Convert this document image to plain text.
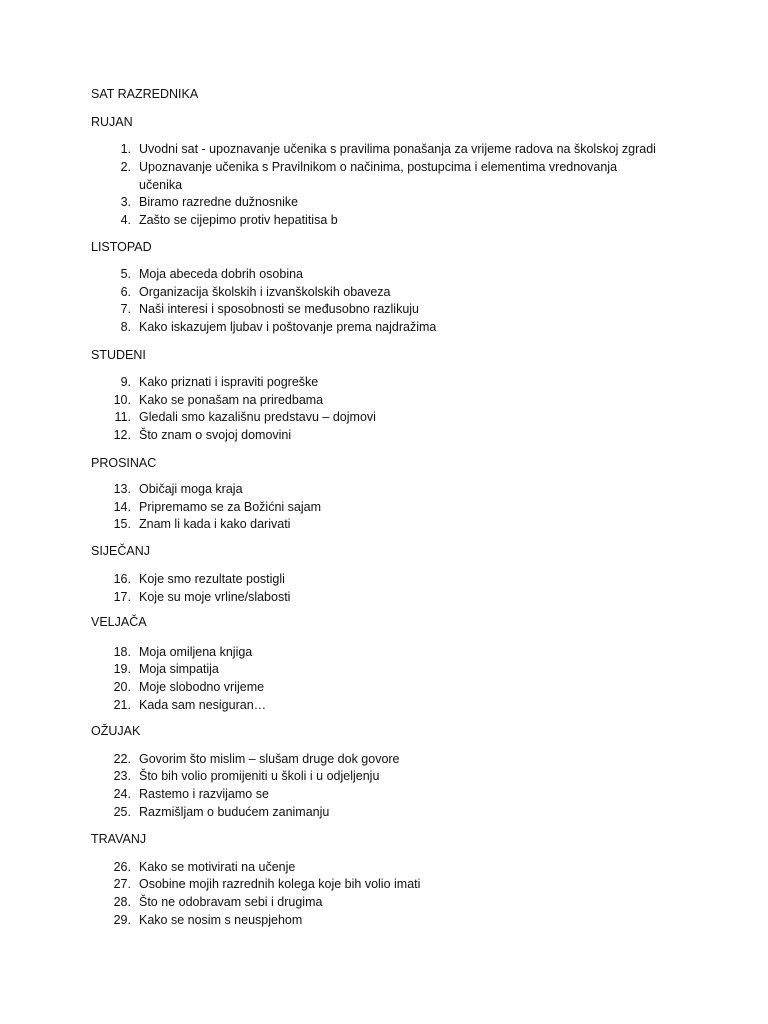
SAT RAZREDNIKA
RUJAN
1. Uvodni sat - upoznavanje učenika s pravilima ponašanja za vrijeme radova na školskoj zgradi
2. Upoznavanje učenika s Pravilnikom o načinima, postupcima i elementima vrednovanja
učenika
3. Biramo razredne dužnosnike
4. Zašto se cijepimo protiv hepatitisa b
LISTOPAD
5. Moja abeceda dobrih osobina
6. Organizacija školskih i izvanškolskih obaveza
7. Naši interesi i sposobnosti se međusobno razlikuju
8. Kako iskazujem ljubav i poštovanje prema najdražima
STUDENI
9. Kako priznati i ispraviti pogreške
10. Kako se ponašam na priredbama
11. Gledali smo kazališnu predstavu – dojmovi
12. Što znam o svojoj domovini
PROSINAC
13. Običaji moga kraja
14. Pripremamo se za Božićni sajam
15. Znam li kada i kako darivati
SIJEČANJ
16. Koje smo rezultate postigli
17. Koje su moje vrline/slabosti
VELJAČA
18. Moja omiljena knjiga
19. Moja simpatija
20. Moje slobodno vrijeme
21. Kada sam nesiguran…
OŽUJAK
22. Govorim što mislim – slušam druge dok govore
23. Što bih volio promijeniti u školi i u odjeljenju
24. Rastemo i razvijamo se
25. Razmišljam o budućem zanimanju
TRAVANJ
26. Kako se motivirati na učenje
27. Osobine mojih razrednih kolega koje bih volio imati
28. Što ne odobravam sebi i drugima
29. Kako se nosim s neuspjehom
